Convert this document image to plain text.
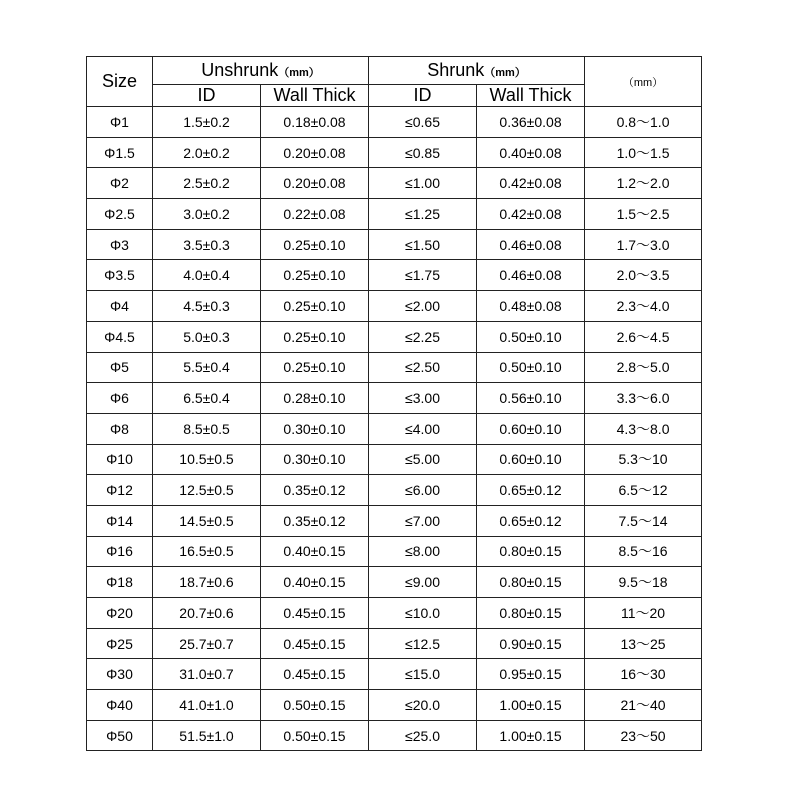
Size	Unshrunk（mm）		Shrunk（mm）		（mm）
	ID	Wall Thick	ID	Wall Thick	
Φ1	1.5±0.2	0.18±0.08	≤0.65	0.36±0.08	0.8～1.0
Φ1.5	2.0±0.2	0.20±0.08	≤0.85	0.40±0.08	1.0～1.5
Φ2	2.5±0.2	0.20±0.08	≤1.00	0.42±0.08	1.2～2.0
Φ2.5	3.0±0.2	0.22±0.08	≤1.25	0.42±0.08	1.5～2.5
Φ3	3.5±0.3	0.25±0.10	≤1.50	0.46±0.08	1.7～3.0
Φ3.5	4.0±0.4	0.25±0.10	≤1.75	0.46±0.08	2.0～3.5
Φ4	4.5±0.3	0.25±0.10	≤2.00	0.48±0.08	2.3～4.0
Φ4.5	5.0±0.3	0.25±0.10	≤2.25	0.50±0.10	2.6～4.5
Φ5	5.5±0.4	0.25±0.10	≤2.50	0.50±0.10	2.8～5.0
Φ6	6.5±0.4	0.28±0.10	≤3.00	0.56±0.10	3.3～6.0
Φ8	8.5±0.5	0.30±0.10	≤4.00	0.60±0.10	4.3～8.0
Φ10	10.5±0.5	0.30±0.10	≤5.00	0.60±0.10	5.3～10
Φ12	12.5±0.5	0.35±0.12	≤6.00	0.65±0.12	6.5～12
Φ14	14.5±0.5	0.35±0.12	≤7.00	0.65±0.12	7.5～14
Φ16	16.5±0.5	0.40±0.15	≤8.00	0.80±0.15	8.5～16
Φ18	18.7±0.6	0.40±0.15	≤9.00	0.80±0.15	9.5～18
Φ20	20.7±0.6	0.45±0.15	≤10.0	0.80±0.15	11～20
Φ25	25.7±0.7	0.45±0.15	≤12.5	0.90±0.15	13～25
Φ30	31.0±0.7	0.45±0.15	≤15.0	0.95±0.15	16～30
Φ40	41.0±1.0	0.50±0.15	≤20.0	1.00±0.15	21～40
Φ50	51.5±1.0	0.50±0.15	≤25.0	1.00±0.15	23～50
